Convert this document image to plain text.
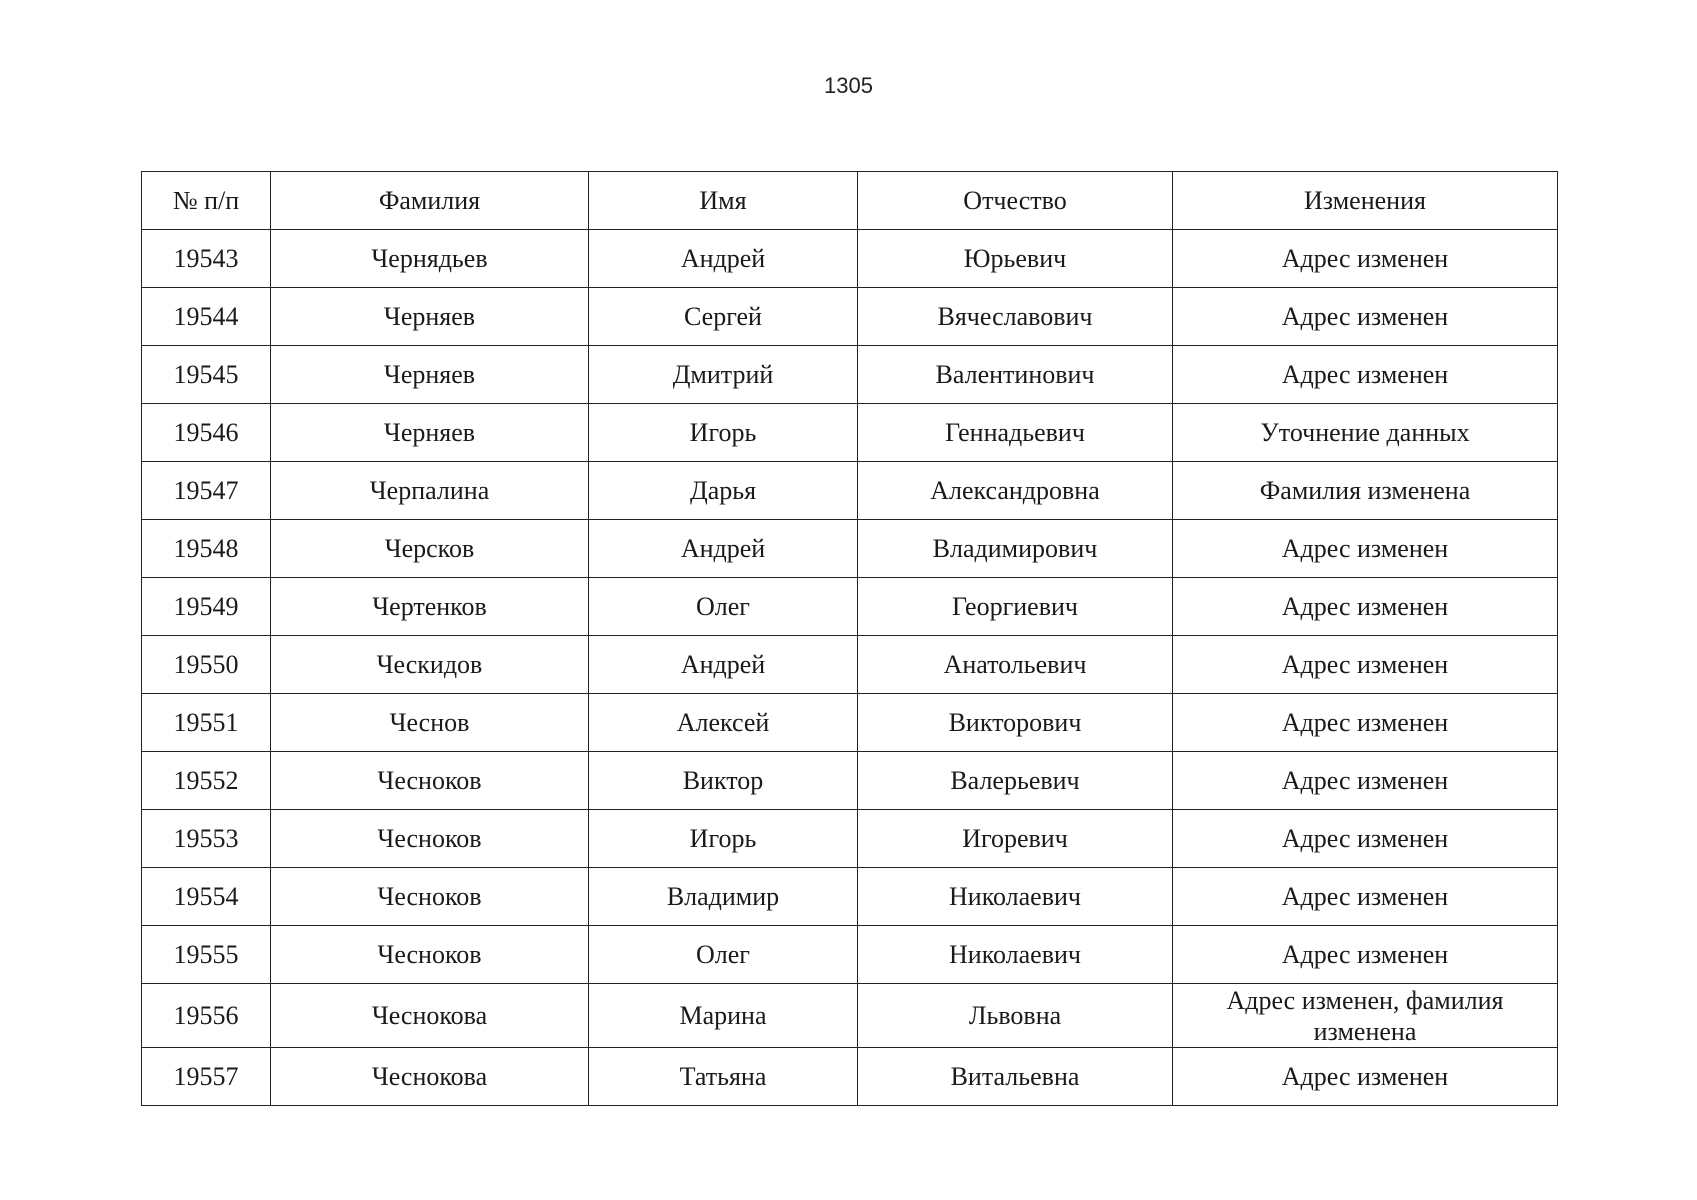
1305
№ п/п	Фамилия	Имя	Отчество	Изменения
19543	Чернядьев	Андрей	Юрьевич	Адрес изменен
19544	Черняев	Сергей	Вячеславович	Адрес изменен
19545	Черняев	Дмитрий	Валентинович	Адрес изменен
19546	Черняев	Игорь	Геннадьевич	Уточнение данных
19547	Черпалина	Дарья	Александровна	Фамилия изменена
19548	Черсков	Андрей	Владимирович	Адрес изменен
19549	Чертенков	Олег	Георгиевич	Адрес изменен
19550	Ческидов	Андрей	Анатольевич	Адрес изменен
19551	Чеснов	Алексей	Викторович	Адрес изменен
19552	Чесноков	Виктор	Валерьевич	Адрес изменен
19553	Чесноков	Игорь	Игоревич	Адрес изменен
19554	Чесноков	Владимир	Николаевич	Адрес изменен
19555	Чесноков	Олег	Николаевич	Адрес изменен
19556	Чеснокова	Марина	Львовна	Адрес изменен, фамилия изменена
19557	Чеснокова	Татьяна	Витальевна	Адрес изменен
